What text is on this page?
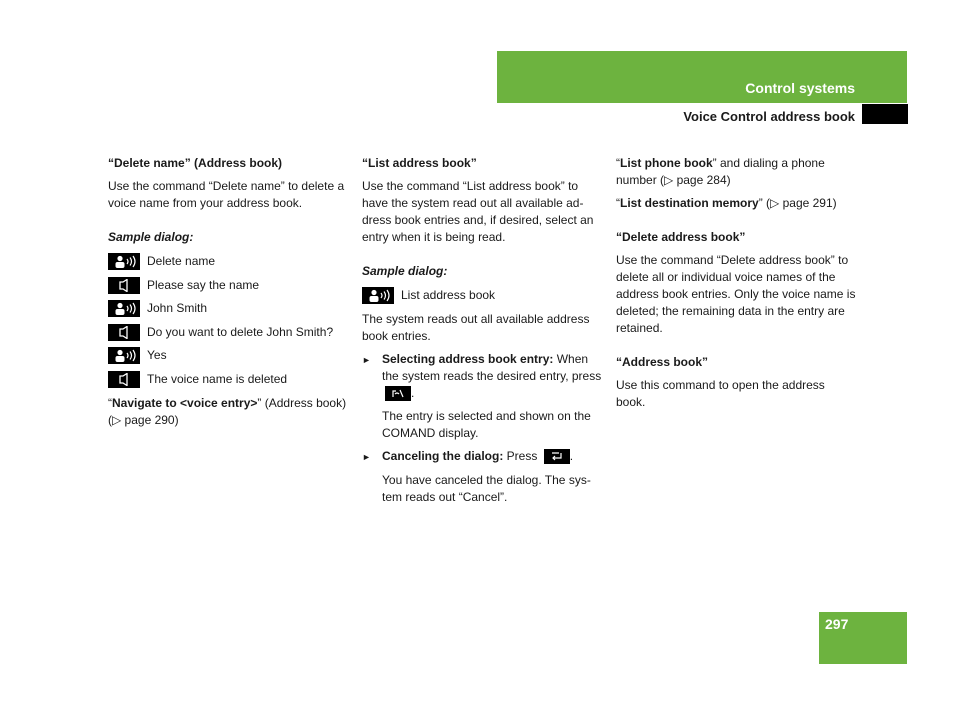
Control systems
Voice Control address book
297
“Delete name” (Address book)

Use the command “Delete name” to delete a voice name from your address book.

Sample dialog:
Delete name
Please say the name
John Smith
Do you want to delete John Smith?
Yes
The voice name is deleted

“Navigate to <voice entry>” (Address book) (▷ page 290)

“List address book”

Use the command “List address book” to have the system read out all available ad-dress book entries and, if desired, select an entry when it is being read.

Sample dialog:
List address book

The system reads out all available address book entries.

► Selecting address book entry: When the system reads the desired entry, press .

The entry is selected and shown on the COMAND display.

► Canceling the dialog: Press	.

You have canceled the dialog. The sys-tem reads out “Cancel”.

“List phone book” and dialing a phone number (▷ page 284)

“List destination memory” (▷ page 291)

“Delete address book”

Use the command “Delete address book” to delete all or individual voice names of the address book entries. Only the voice name is deleted; the remaining data in the entry are retained.

“Address book”

Use this command to open the address book.
